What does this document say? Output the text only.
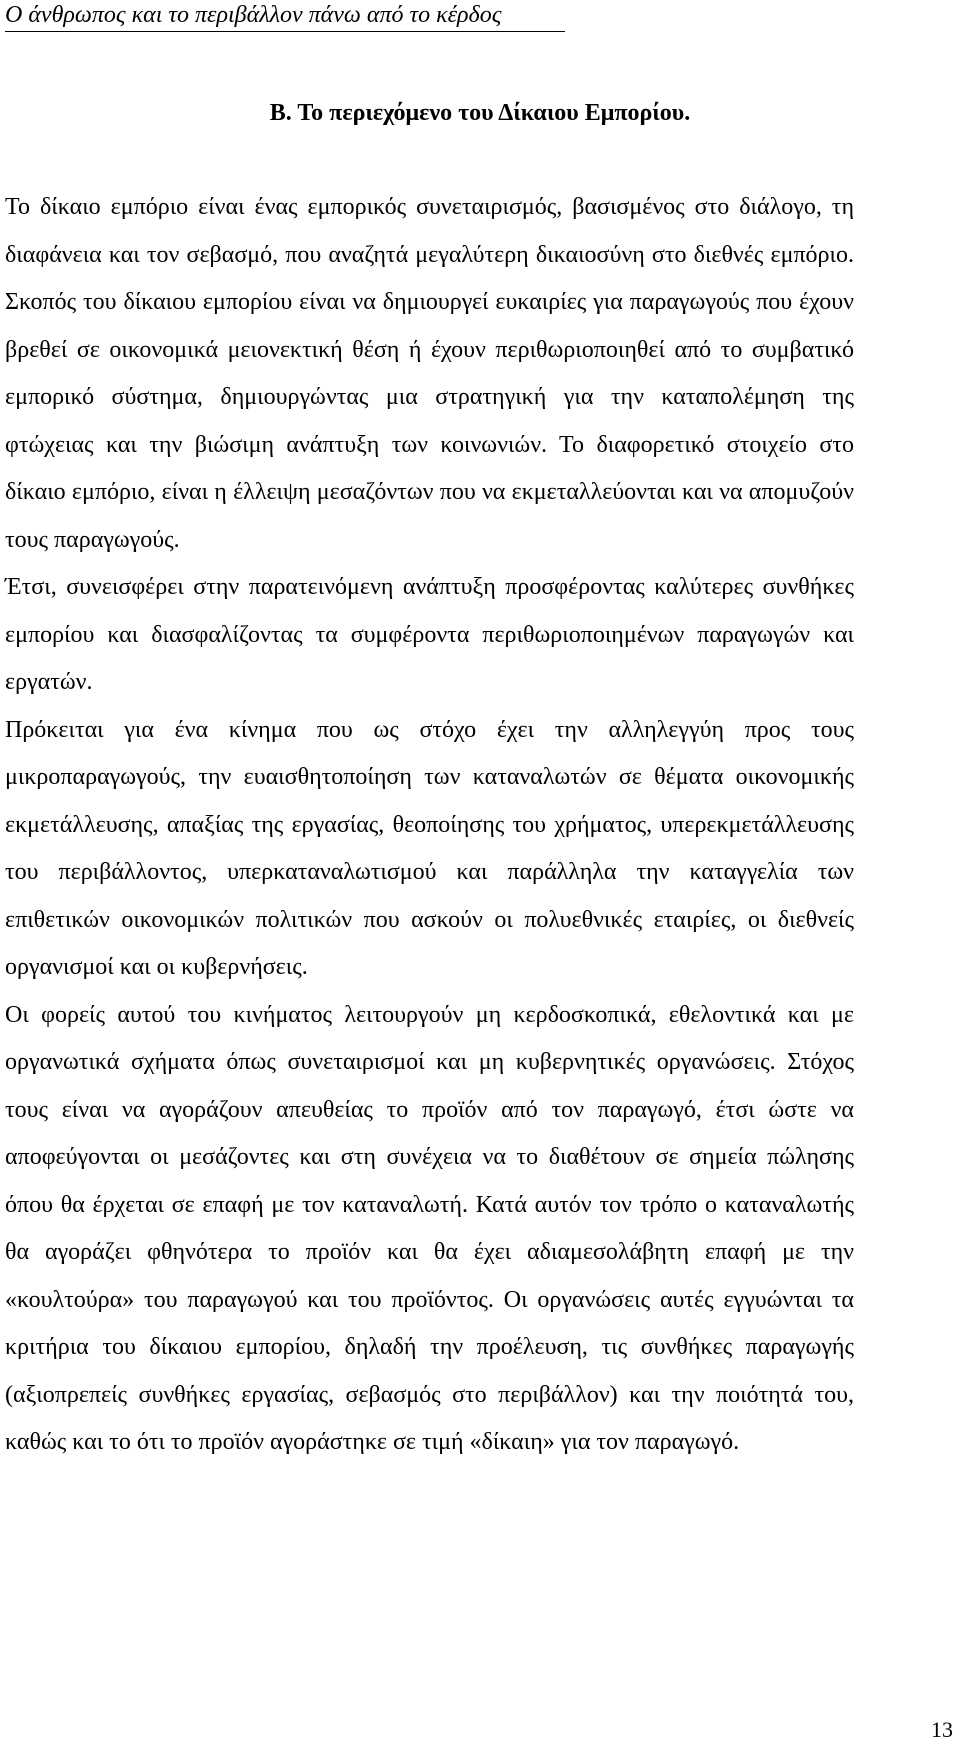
Ο άνθρωπος και το περιβάλλον πάνω από το κέρδος
Β. Το περιεχόμενο του Δίκαιου Εμπορίου.

Το δίκαιο εμπόριο είναι ένας εμπορικός συνεταιρισμός, βασισμένος στο διάλογο, τη διαφάνεια και τον σεβασμό, που αναζητά μεγαλύτερη δικαιοσύνη στο διεθνές εμπόριο. Σκοπός του δίκαιου εμπορίου είναι να δημιουργεί ευκαιρίες για παραγωγούς που έχουν βρεθεί σε οικονομικά μειονεκτική θέση ή έχουν περιθωριοποιηθεί από το συμβατικό εμπορικό σύστημα, δημιουργώντας μια στρατηγική για την καταπολέμηση της φτώχειας και την βιώσιμη ανάπτυξη των κοινωνιών. Το διαφορετικό στοιχείο στο δίκαιο εμπόριο, είναι η έλλειψη μεσαζόντων που να εκμεταλλεύονται και να απομυζούν τους παραγωγούς.

Έτσι, συνεισφέρει στην παρατεινόμενη ανάπτυξη προσφέροντας καλύτερες συνθήκες εμπορίου και διασφαλίζοντας τα συμφέροντα περιθωριοποιημένων παραγωγών και εργατών.

Πρόκειται για ένα κίνημα που ως στόχο έχει την αλληλεγγύη προς τους μικροπαραγωγούς, την ευαισθητοποίηση των καταναλωτών σε θέματα οικονομικής εκμετάλλευσης, απαξίας της εργασίας, θεοποίησης του χρήματος, υπερεκμετάλλευσης του περιβάλλοντος, υπερκαταναλωτισμού και παράλληλα την καταγγελία των επιθετικών οικονομικών πολιτικών που ασκούν οι πολυεθνικές εταιρίες, οι διεθνείς οργανισμοί και οι κυβερνήσεις.

Οι φορείς αυτού του κινήματος λειτουργούν μη κερδοσκοπικά, εθελοντικά και με οργανωτικά σχήματα όπως συνεταιρισμοί και μη κυβερνητικές οργανώσεις. Στόχος τους είναι να αγοράζουν απευθείας το προϊόν από τον παραγωγό, έτσι ώστε να αποφεύγονται οι μεσάζοντες και στη συνέχεια να το διαθέτουν σε σημεία πώλησης όπου θα έρχεται σε επαφή με τον καταναλωτή. Κατά αυτόν τον τρόπο ο καταναλωτής θα αγοράζει φθηνότερα το προϊόν και θα έχει αδιαμεσολάβητη επαφή με την «κουλτούρα» του παραγωγού και του προϊόντος. Οι οργανώσεις αυτές εγγυώνται τα κριτήρια του δίκαιου εμπορίου, δηλαδή την προέλευση, τις συνθήκες παραγωγής (αξιοπρεπείς συνθήκες εργασίας, σεβασμός στο περιβάλλον) και την ποιότητά του, καθώς και το ότι το προϊόν αγοράστηκε σε τιμή «δίκαιη» για τον παραγωγό.

13
